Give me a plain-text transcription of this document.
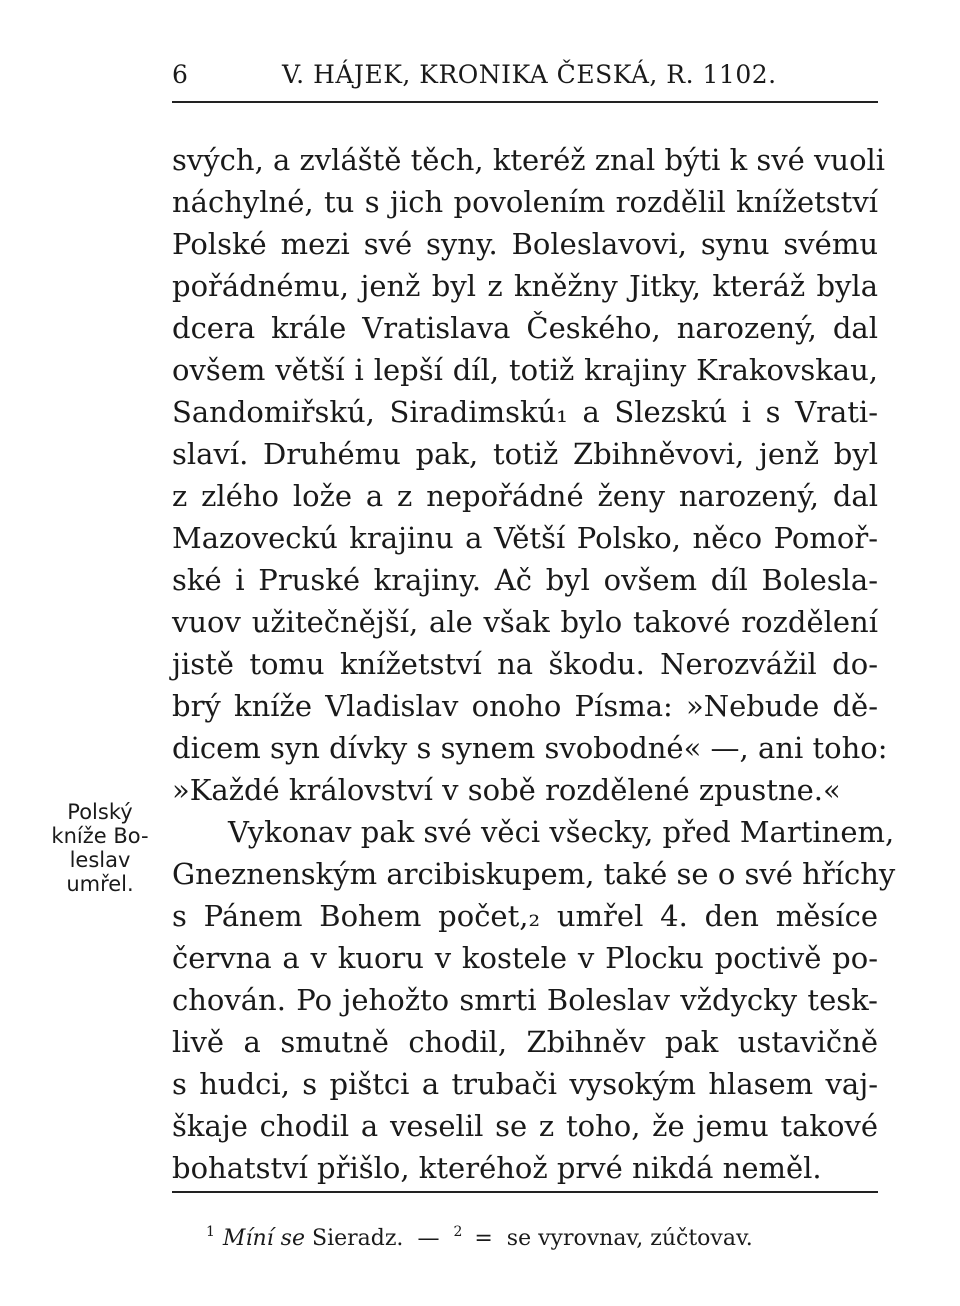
6	V. HÁJEK, KRONIKA ČESKÁ, R. 1102.
svých, a zvláště těch, kteréž znal býti k své vuoli
náchylné, tu s jich povolením rozdělil knížetství
Polské mezi své syny. Boleslavovi, synu svému
pořádnému, jenž byl z kněžny Jitky, kteráž byla
dcera krále Vratislava Českého, narozený, dal
ovšem větší i lepší díl, totiž krajiny Krakovskau,
Sandomiřskú, Siradimskú₁ a Slezskú i s Vrati-
slaví. Druhému pak, totiž Zbihněvovi, jenž byl
z zlého lože a z nepořádné ženy narozený, dal
Mazoveckú krajinu a Větší Polsko, něco Pomoř-
ské i Pruské krajiny. Ač byl ovšem díl Bolesla-
vuov užitečnější, ale však bylo takové rozdělení
jistě tomu knížetství na škodu. Nerozvážil do-
brý kníže Vladislav onoho Písma: »Nebude dě-
dicem syn dívky s synem svobodné« —, ani toho:
»Každé království v sobě rozdělené zpustne.«
Vykonav pak své věci všecky, před Martinem,
Gneznenským arcibiskupem, také se o své hříchy
s Pánem Bohem počet,₂ umřel 4. den měsíce
června a v kuoru v kostele v Plocku poctivě po-
chován. Po jehožto smrti Boleslav vždycky tesk-
livě a smutně chodil, Zbihněv pak ustavičně
s hudci, s pištci a trubači vysokým hlasem vaj-
škaje chodil a veselil se z toho, že jemu takové
bohatství přišlo, kteréhož prvé nikdá neměl.
Polský
kníže Bo-
leslav
umřel.
$^1$ Míní se Sieradz. — $^2$ = se vyrovnav, zúčtovav.
